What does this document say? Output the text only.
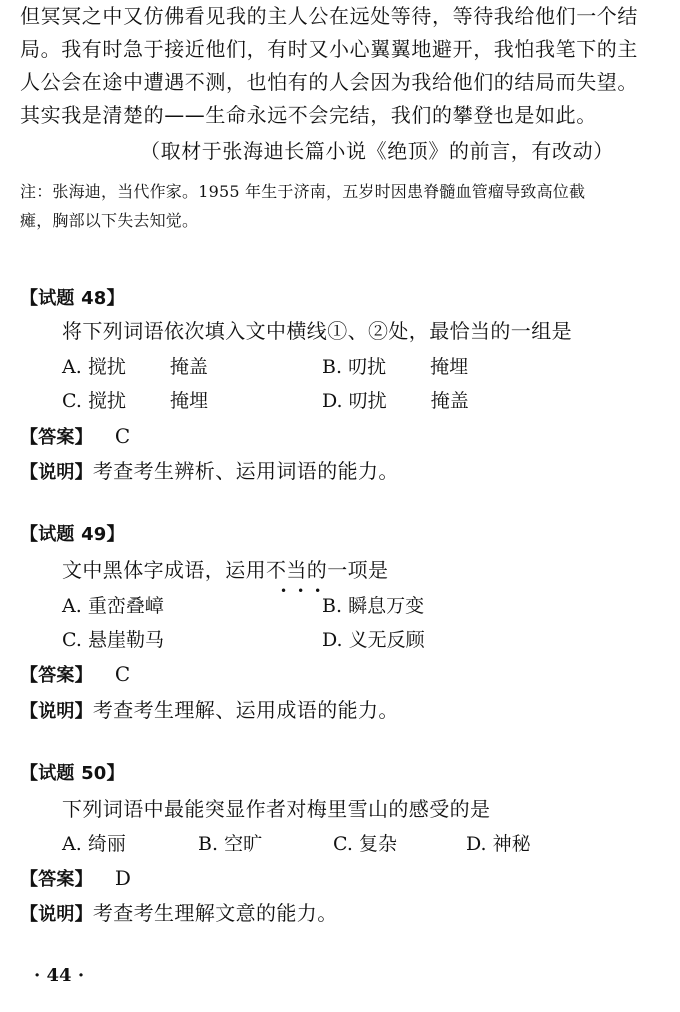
但冥冥之中又仿佛看见我的主人公在远处等待，等待我给他们一个结
局。我有时急于接近他们，有时又小心翼翼地避开，我怕我笔下的主
人公会在途中遭遇不测，也怕有的人会因为我给他们的结局而失望。
其实我是清楚的——生命永远不会完结，我们的攀登也是如此。
（取材于张海迪长篇小说《绝顶》的前言，有改动）
注：张海迪，当代作家。1955 年生于济南，五岁时因患脊髓血管瘤导致高位截
瘫，胸部以下失去知觉。
【试题 48】
将下列词语依次填入文中横线①、②处，最恰当的一组是
A. 搅扰 掩盖	B. 叨扰 掩埋
C. 搅扰 掩埋	D. 叨扰 掩盖
【答案】 C
【说明】考查考生辨析、运用词语的能力。
【试题 49】
文中黑体字成语，运用不当的一项是
•••
A. 重峦叠嶂	B. 瞬息万变
C. 悬崖勒马	D. 义无反顾
【答案】 C
【说明】考查考生理解、运用成语的能力。
【试题 50】
下列词语中最能突显作者对梅里雪山的感受的是
A. 绮丽	B. 空旷	C. 复杂	D. 神秘
【答案】 D
【说明】考查考生理解文意的能力。
· 44 ·
